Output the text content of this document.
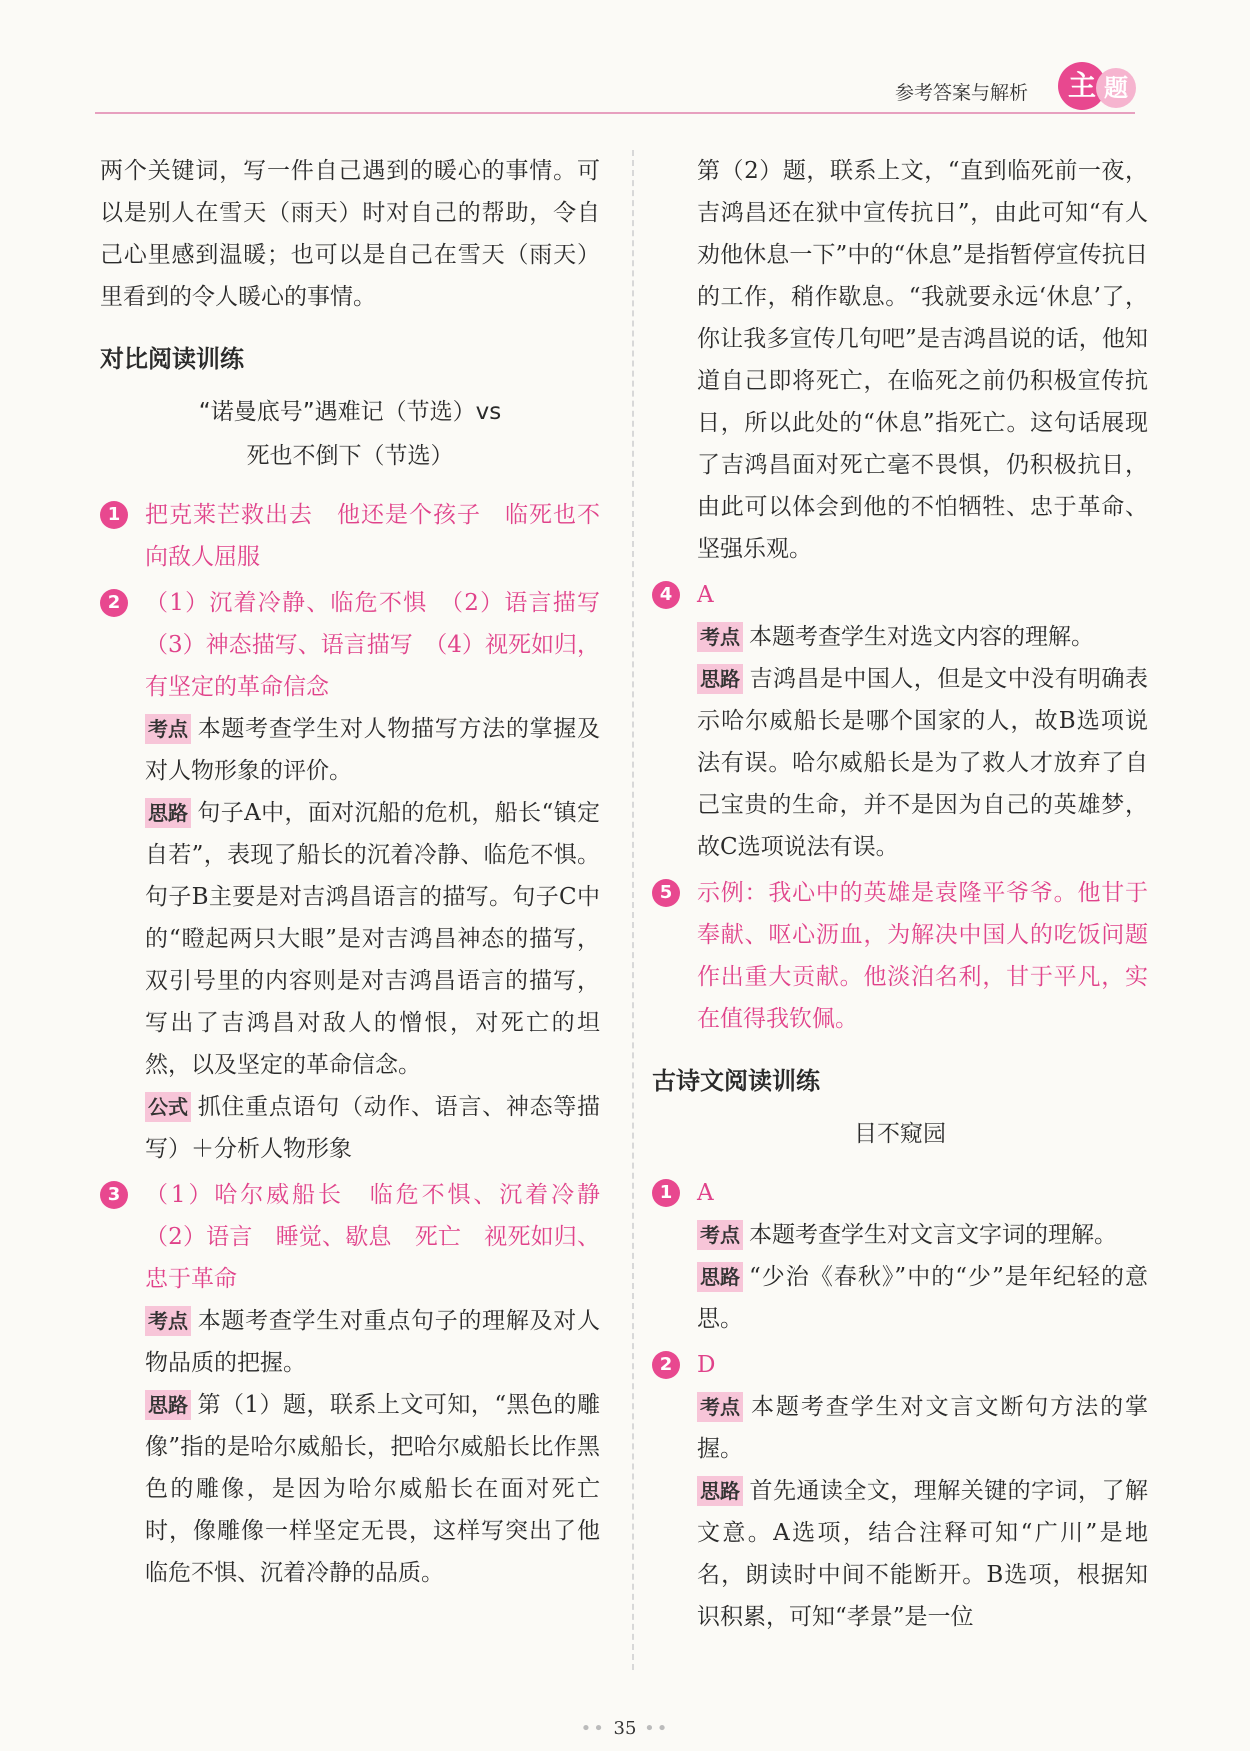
参考答案与解析	主 题

两个关键词，写一件自己遇到的暖心的事情。可以是别人在雪天（雨天）时对自己的帮助，令自己心里感到温暖；也可以是自己在雪天（雨天）里看到的令人暖心的事情。

对比阅读训练
“诺曼底号”遇难记（节选）vs
死也不倒下（节选）
1	把克莱芒救出去　他还是个孩子　临死也不向敌人屈服

2	（1）沉着冷静、临危不惧　（2）语言描写　（3）神态描写、语言描写　（4）视死如归，有坚定的革命信念

考点 本题考查学生对人物描写方法的掌握及对人物形象的评价。

思路 句子A中，面对沉船的危机，船长“镇定自若”，表现了船长的沉着冷静、临危不惧。句子B主要是对吉鸿昌语言的描写。句子C中的“瞪起两只大眼”是对吉鸿昌神态的描写，双引号里的内容则是对吉鸿昌语言的描写，写出了吉鸿昌对敌人的憎恨，对死亡的坦然，以及坚定的革命信念。

公式 抓住重点语句（动作、语言、神态等描写）＋分析人物形象

3	（1）哈尔威船长　临危不惧、沉着冷静　（2）语言　睡觉、歇息　死亡　视死如归、忠于革命

考点 本题考查学生对重点句子的理解及对人物品质的把握。

思路 第（1）题，联系上文可知，“黑色的雕像”指的是哈尔威船长，把哈尔威船长比作黑色的雕像，是因为哈尔威船长在面对死亡时，像雕像一样坚定无畏，这样写突出了他临危不惧、沉着冷静的品质。

第（2）题，联系上文，“直到临死前一夜，吉鸿昌还在狱中宣传抗日”，由此可知“有人劝他休息一下”中的“休息”是指暂停宣传抗日的工作，稍作歇息。“我就要永远‘休息’了，你让我多宣传几句吧”是吉鸿昌说的话，他知道自己即将死亡，在临死之前仍积极宣传抗日，所以此处的“休息”指死亡。这句话展现了吉鸿昌面对死亡毫不畏惧，仍积极抗日，由此可以体会到他的不怕牺牲、忠于革命、坚强乐观。

4	A

考点 本题考查学生对选文内容的理解。

思路 吉鸿昌是中国人，但是文中没有明确表示哈尔威船长是哪个国家的人，故B选项说法有误。哈尔威船长是为了救人才放弃了自己宝贵的生命，并不是因为自己的英雄梦，故C选项说法有误。

5	示例：我心中的英雄是袁隆平爷爷。他甘于奉献、呕心沥血，为解决中国人的吃饭问题作出重大贡献。他淡泊名利，甘于平凡，实在值得我钦佩。

古诗文阅读训练
目不窥园
1	A

考点 本题考查学生对文言文字词的理解。

思路 “少治《春秋》”中的“少”是年纪轻的意思。

2	D

考点 本题考查学生对文言文断句方法的掌握。

思路 首先通读全文，理解关键的字词，了解文意。A选项，结合注释可知“广川”是地名，朗读时中间不能断开。B选项，根据知识积累，可知“孝景”是一位

•• 35 ••
